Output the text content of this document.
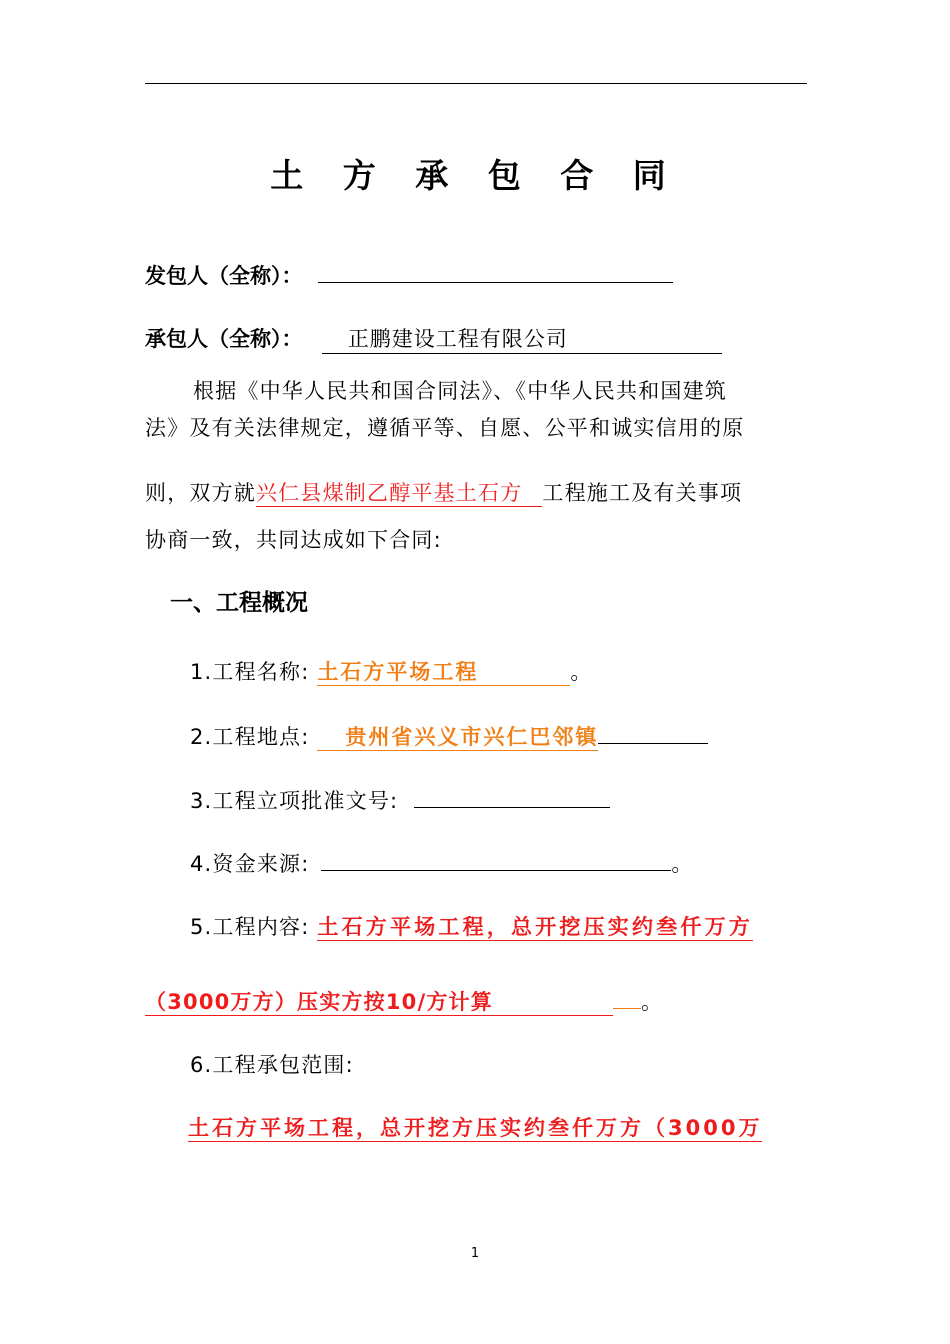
土 方 承 包 合 同
发包人（全称）：
承包人（全称）： 正鹏建设工程有限公司
根据《中华人民共和国合同法》、《中华人民共和国建筑
法》及有关法律规定，遵循平等、自愿、公平和诚实信用的原
则，双方就兴仁县煤制乙醇平基土石方 工程施工及有关事项
协商一致，共同达成如下合同:
一、工程概况
1.工程名称: 土石方平场工程	。
2.工程地点: 贵州省兴义市兴仁巴邻镇
3.工程立项批准文号:
4.资金来源:	。
5.工程内容: 土石方平场工程，总开挖压实约叁仟万方
（3000万方）压实方按10/方计算	。
6.工程承包范围:
土石方平场工程，总开挖方压实约叁仟万方（3000万
1
